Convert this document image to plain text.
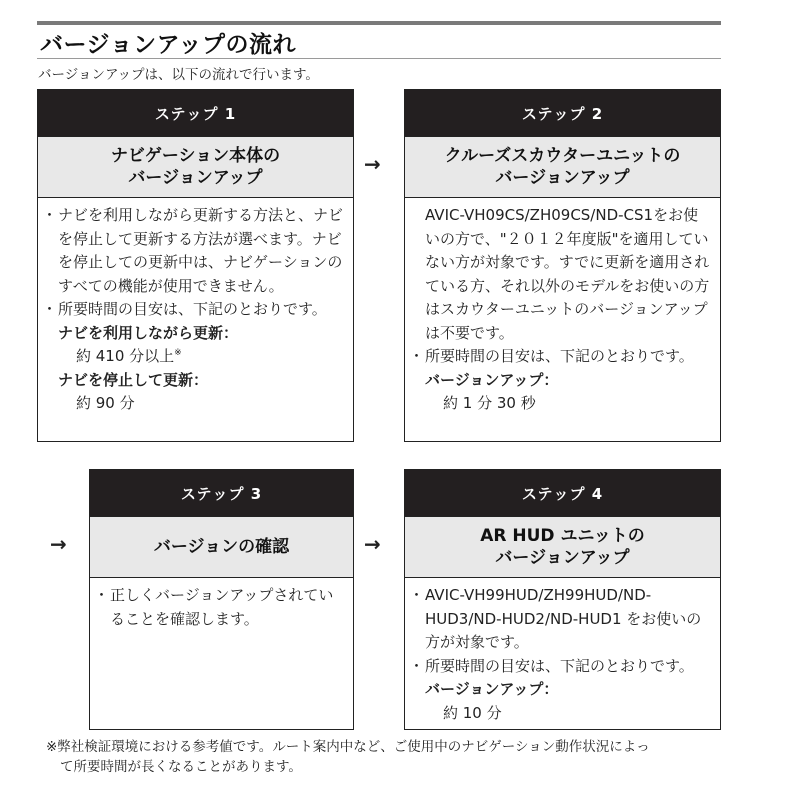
バージョンアップの流れ

バージョンアップは、以下の流れで行います。

ステップ 1
ナビゲーション本体の
バージョンアップ
・ ナビを利用しながら更新する方法と、ナビを停止して更新する方法が選べます。ナビを停止しての更新中は、ナビゲーションのすべての機能が使用できません。
・ 所要時間の目安は、下記のとおりです。
ナビを利用しながら更新：
約 410 分以上※
ナビを停止して更新：
約 90 分
→
ステップ 2
クルーズスカウターユニットの
バージョンアップ
AVIC-VH09CS/ZH09CS/ND-CS1をお使いの方で、"２０１２年度版"を適用していない方が対象です。すでに更新を適用されている方、それ以外のモデルをお使いの方はスカウターユニットのバージョンアップは不要です。
・ 所要時間の目安は、下記のとおりです。
バージョンアップ：
約 1 分 30 秒
→
ステップ 3
バージョンの確認
・ 正しくバージョンアップされていることを確認します。
→
ステップ 4
AR HUD ユニットの
バージョンアップ
・ AVIC-VH99HUD/ZH99HUD/ND-HUD3/ND-HUD2/ND-HUD1 をお使いの方が対象です。
・ 所要時間の目安は、下記のとおりです。
バージョンアップ：
約 10 分
※弊社検証環境における参考値です。ルート案内中など、ご使用中のナビゲーション動作状況によっ
て所要時間が長くなることがあります。
